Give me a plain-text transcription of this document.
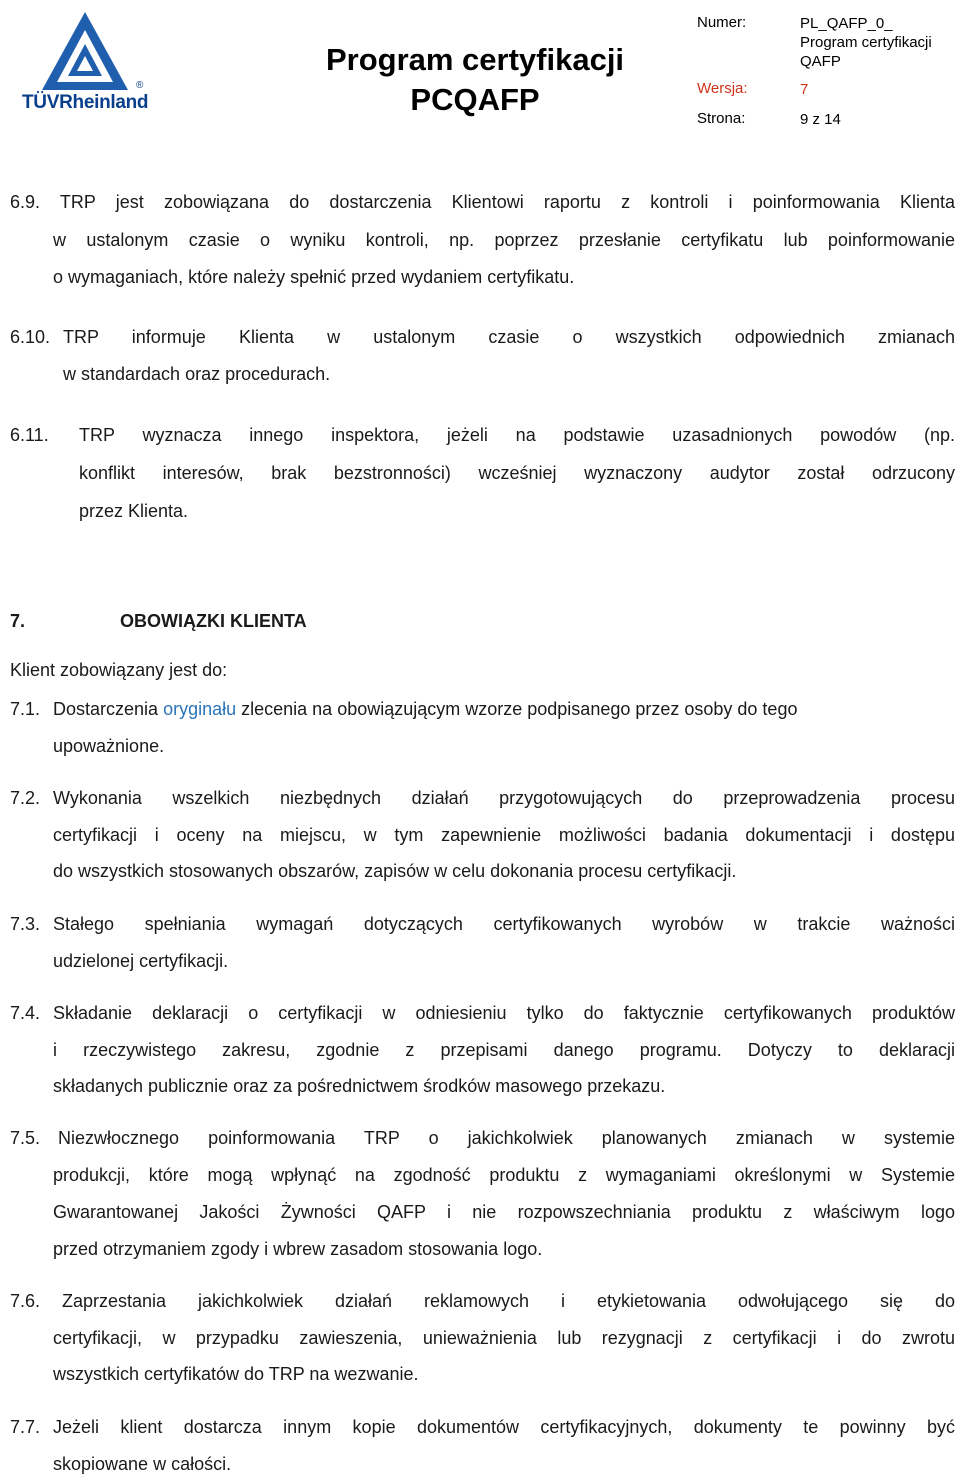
®
TÜVRheinland
Program certyfikacji
PCQAFP
Numer:	PL_QAFP_0_
Program certyfikacji
QAFP
Wersja:	7
Strona:	9 z 14
6.9. TRP jest zobowiązana do dostarczenia Klientowi raportu z kontroli i poinformowania Klienta
w ustalonym czasie o wyniku kontroli, np. poprzez przesłanie certyfikatu lub poinformowanie
o wymaganiach, które należy spełnić przed wydaniem certyfikatu.
6.10. TRP informuje Klienta w ustalonym czasie o wszystkich odpowiednich zmianach
w standardach oraz procedurach.
6.11. TRP wyznacza innego inspektora, jeżeli na podstawie uzasadnionych powodów (np.
konflikt interesów, brak bezstronności) wcześniej wyznaczony audytor został odrzucony
przez Klienta.
7.	OBOWIĄZKI KLIENTA
Klient zobowiązany jest do:
7.1. Dostarczenia oryginału zlecenia na obowiązującym wzorze podpisanego przez osoby do tego
upoważnione.
7.2. Wykonania wszelkich niezbędnych działań przygotowujących do przeprowadzenia procesu
certyfikacji i oceny na miejscu, w tym zapewnienie możliwości badania dokumentacji i dostępu
do wszystkich stosowanych obszarów, zapisów w celu dokonania procesu certyfikacji.
7.3. Stałego spełniania wymagań dotyczących certyfikowanych wyrobów w trakcie ważności
udzielonej certyfikacji.
7.4. Składanie deklaracji o certyfikacji w odniesieniu tylko do faktycznie certyfikowanych produktów
i rzeczywistego zakresu, zgodnie z przepisami danego programu. Dotyczy to deklaracji
składanych publicznie oraz za pośrednictwem środków masowego przekazu.
7.5. Niezwłocznego poinformowania TRP o jakichkolwiek planowanych zmianach w systemie
produkcji, które mogą wpłynąć na zgodność produktu z wymaganiami określonymi w Systemie
Gwarantowanej Jakości Żywności QAFP i nie rozpowszechniania produktu z właściwym logo
przed otrzymaniem zgody i wbrew zasadom stosowania logo.
7.6. Zaprzestania jakichkolwiek działań reklamowych i etykietowania odwołującego się do
certyfikacji, w przypadku zawieszenia, unieważnienia lub rezygnacji z certyfikacji i do zwrotu
wszystkich certyfikatów do TRP na wezwanie.
7.7. Jeżeli klient dostarcza innym kopie dokumentów certyfikacyjnych, dokumenty te powinny być
skopiowane w całości.
